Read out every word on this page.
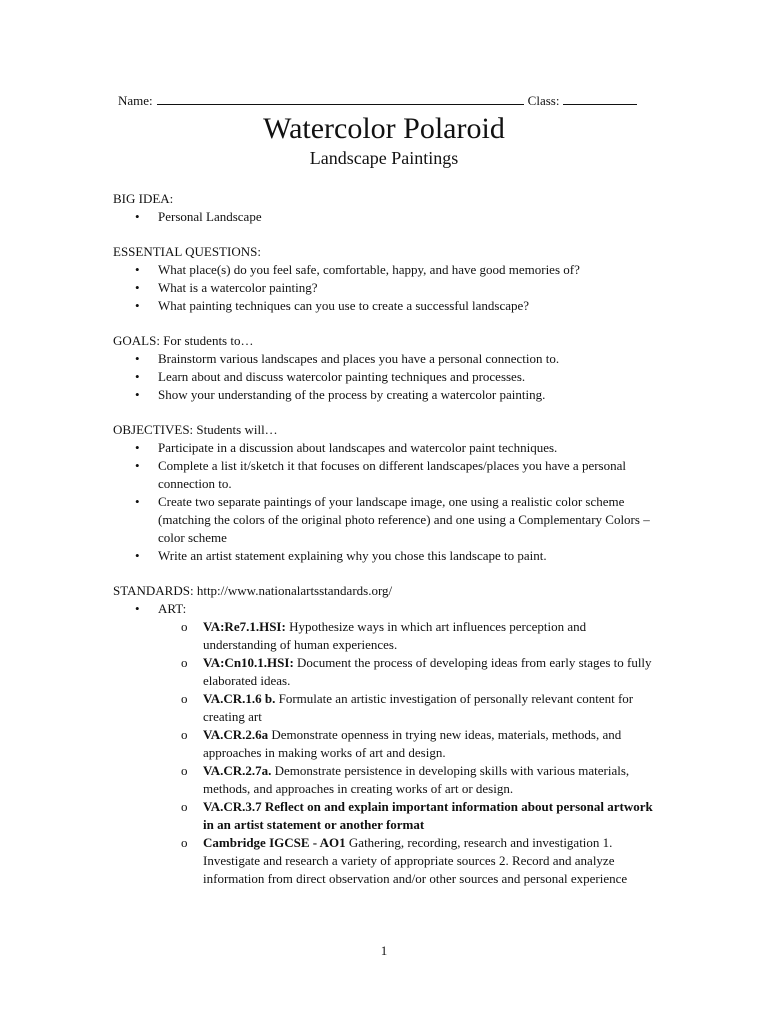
Name:	Class:
Watercolor Polaroid
Landscape Paintings

BIG IDEA:

• Personal Landscape

ESSENTIAL QUESTIONS:

• What place(s) do you feel safe, comfortable, happy, and have good memories of?
• What is a watercolor painting?
• What painting techniques can you use to create a successful landscape?

GOALS: For students to…

• Brainstorm various landscapes and places you have a personal connection to.
• Learn about and discuss watercolor painting techniques and processes.
• Show your understanding of the process by creating a watercolor painting.

OBJECTIVES: Students will…

• Participate in a discussion about landscapes and watercolor paint techniques.
• Complete a list it/sketch it that focuses on different landscapes/places you have a personal connection to.
• Create two separate paintings of your landscape image, one using a realistic color scheme (matching the colors of the original photo reference) and one using a Complementary Colors – color scheme
• Write an artist statement explaining why you chose this landscape to paint.

STANDARDS: http://www.nationalartsstandards.org/

• ART:
o VA:Re7.1.HSI: Hypothesize ways in which art influences perception and understanding of human experiences.
o VA:Cn10.1.HSI: Document the process of developing ideas from early stages to fully elaborated ideas.
o VA.CR.1.6 b. Formulate an artistic investigation of personally relevant content for creating art
o VA.CR.2.6a Demonstrate openness in trying new ideas, materials, methods, and approaches in making works of art and design.
o VA.CR.2.7a. Demonstrate persistence in developing skills with various materials, methods, and approaches in creating works of art or design.
o VA.CR.3.7 Reflect on and explain important information about personal artwork in an artist statement or another format
o Cambridge IGCSE - AO1 Gathering, recording, research and investigation 1. Investigate and research a variety of appropriate sources 2. Record and analyze information from direct observation and/or other sources and personal experience
1
